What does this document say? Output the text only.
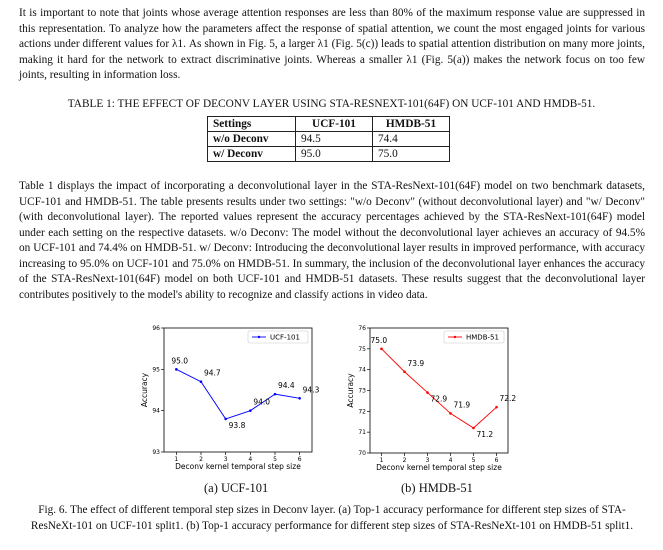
It is important to note that joints whose average attention responses are less than 80% of the maximum response value are suppressed in this representation. To analyze how the parameters affect the response of spatial attention, we count the most engaged joints for various actions under different values for λ1. As shown in Fig. 5, a larger λ1 (Fig. 5(c)) leads to spatial attention distribution on many more joints, making it hard for the network to extract discriminative joints. Whereas a smaller λ1 (Fig. 5(a)) makes the network focus on too few joints, resulting in information loss.

TABLE 1: THE EFFECT OF DECONV LAYER USING STA-RESNEXT-101(64F) ON UCF-101 AND HMDB-51.
Settings	UCF-101	HMDB-51
w/o Deconv	94.5	74.4
w/ Deconv	95.0	75.0

Table 1 displays the impact of incorporating a deconvolutional layer in the STA-ResNext-101(64F) model on two benchmark datasets, UCF-101 and HMDB-51. The table presents results under two settings: "w/o Deconv" (without deconvolutional layer) and "w/ Deconv" (with deconvolutional layer). The reported values represent the accuracy percentages achieved by the STA-ResNext-101(64F) model under each setting on the respective datasets. w/o Deconv: The model without the deconvolutional layer achieves an accuracy of 94.5% on UCF-101 and 74.4% on HMDB-51. w/ Deconv: Introducing the deconvolutional layer results in improved performance, with accuracy increasing to 95.0% on UCF-101 and 75.0% on HMDB-51. In summary, the inclusion of the deconvolutional layer enhances the accuracy of the STA-ResNext-101(64F) model on both UCF-101 and HMDB-51 datasets. These results suggest that the deconvolutional layer contributes positively to the model's ability to recognize and classify actions in video data.

1	2	3	4	5	6
93
94
95
96
Deconv kernel temporal step size
Accuracy
95.0
94.7
93.8
94.0
94.4 94.3
UCF-101
1	2	3	4	5	6
70
71
72
73
74
75
76
Deconv kernel temporal step size
Accuracy
75.0
73.9
72.9
71.9
71.2
72.2
HMDB-51
(a) UCF-101	(b) HMDB-51
Fig. 6. The effect of different temporal step sizes in Deconv layer. (a) Top-1 accuracy performance for different step sizes of STA-ResNeXt-101 on UCF-101 split1. (b) Top-1 accuracy performance for different step sizes of STA-ResNeXt-101 on HMDB-51 split1.
